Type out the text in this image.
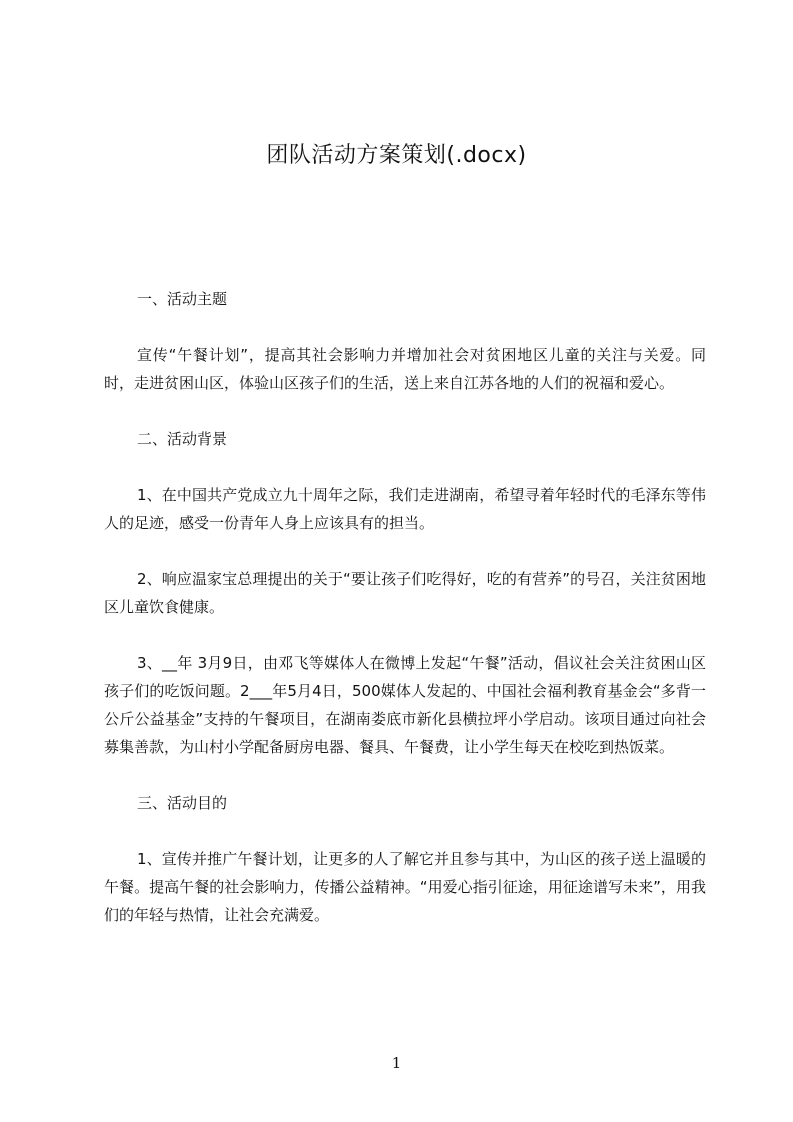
团队活动方案策划(.docx)

一、活动主题

宣传“午餐计划”，提高其社会影响力并增加社会对贫困地区儿童的关注与关爱。同时，走进贫困山区，体验山区孩子们的生活，送上来自江苏各地的人们的祝福和爱心。

二、活动背景

1、在中国共产党成立九十周年之际，我们走进湖南，希望寻着年轻时代的毛泽东等伟人的足迹，感受一份青年人身上应该具有的担当。

2、响应温家宝总理提出的关于“要让孩子们吃得好，吃的有营养”的号召，关注贫困地区儿童饮食健康。

3、__年 3月9日，由邓飞等媒体人在微博上发起“午餐”活动，倡议社会关注贫困山区孩子们的吃饭问题。2___年5月4日，500媒体人发起的、中国社会福利教育基金会“多背一公斤公益基金”支持的午餐项目，在湖南娄底市新化县横拉坪小学启动。该项目通过向社会募集善款，为山村小学配备厨房电器、餐具、午餐费，让小学生每天在校吃到热饭菜。

三、活动目的

1、宣传并推广午餐计划，让更多的人了解它并且参与其中，为山区的孩子送上温暖的午餐。提高午餐的社会影响力，传播公益精神。“用爱心指引征途，用征途谱写未来”，用我们的年轻与热情，让社会充满爱。

1
